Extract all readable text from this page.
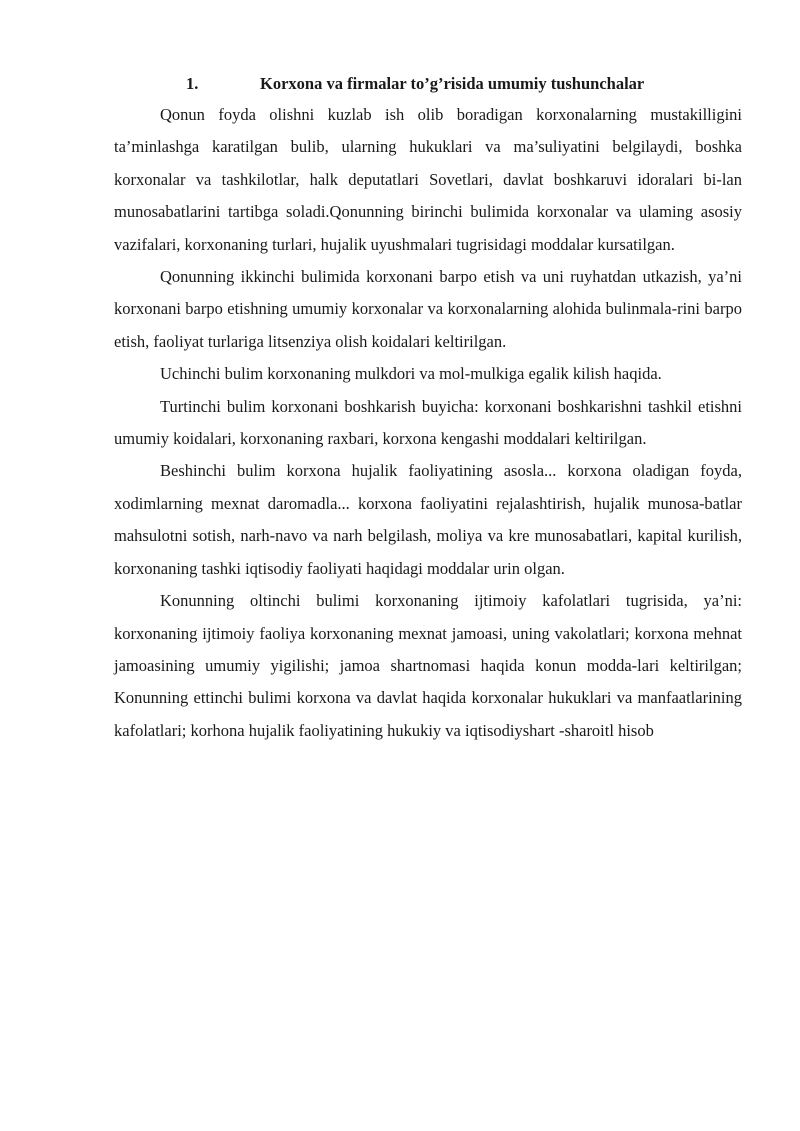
1.	Korxona va firmalar to’g’risida umumiy tushunchalar

Qonun foyda olishni kuzlab ish olib boradigan korxonalarning mustakilligini ta’minlashga karatilgan bulib, ularning hukuklari va ma’suliyatini belgilaydi, boshka korxonalar va tashkilotlar, halk deputatlari Sovetlari, davlat boshkaruvi idoralari bi-lan munosabatlarini tartibga soladi.Qonunning birinchi bulimida korxonalar va ulaming asosiy vazifalari, korxonaning turlari, hujalik uyushmalari tugrisidagi moddalar kursatilgan.

Qonunning ikkinchi bulimida korxonani barpo etish va uni ruyhatdan utkazish, ya’ni korxonani barpo etishning umumiy korxonalar va korxonalarning alohida bulinmala-rini barpo etish, faoliyat turlariga litsenziya olish koidalari keltirilgan.

Uchinchi bulim korxonaning mulkdori va mol-mulkiga egalik kilish haqida.

Turtinchi bulim korxonani boshkarish buyicha: korxonani boshkarishni tashkil etishni umumiy koidalari, korxonaning raxbari, korxona kengashi moddalari keltirilgan.

Beshinchi bulim korxona hujalik faoliyatining asosla... korxona oladigan foyda, xodimlarning mexnat daromadla... korxona faoliyatini rejalashtirish, hujalik munosa-batlar mahsulotni sotish, narh-navo va narh belgilash, moliya va kre munosabatlari, kapital kurilish, korxonaning tashki iqtisodiy faoliyati haqidagi moddalar urin olgan.

Konunning oltinchi bulimi korxonaning ijtimoiy kafolatlari tugrisida, ya’ni: korxonaning ijtimoiy faoliya korxonaning mexnat jamoasi, uning vakolatlari; korxona mehnat jamoasining umumiy yigilishi; jamoa shartnomasi haqida konun modda-lari keltirilgan; Konunning ettinchi bulimi korxona va davlat haqida korxonalar hukuklari va manfaatlarining kafolatlari; korhona hujalik faoliyatining hukukiy va iqtisodiyshart -sharoitl hisob
